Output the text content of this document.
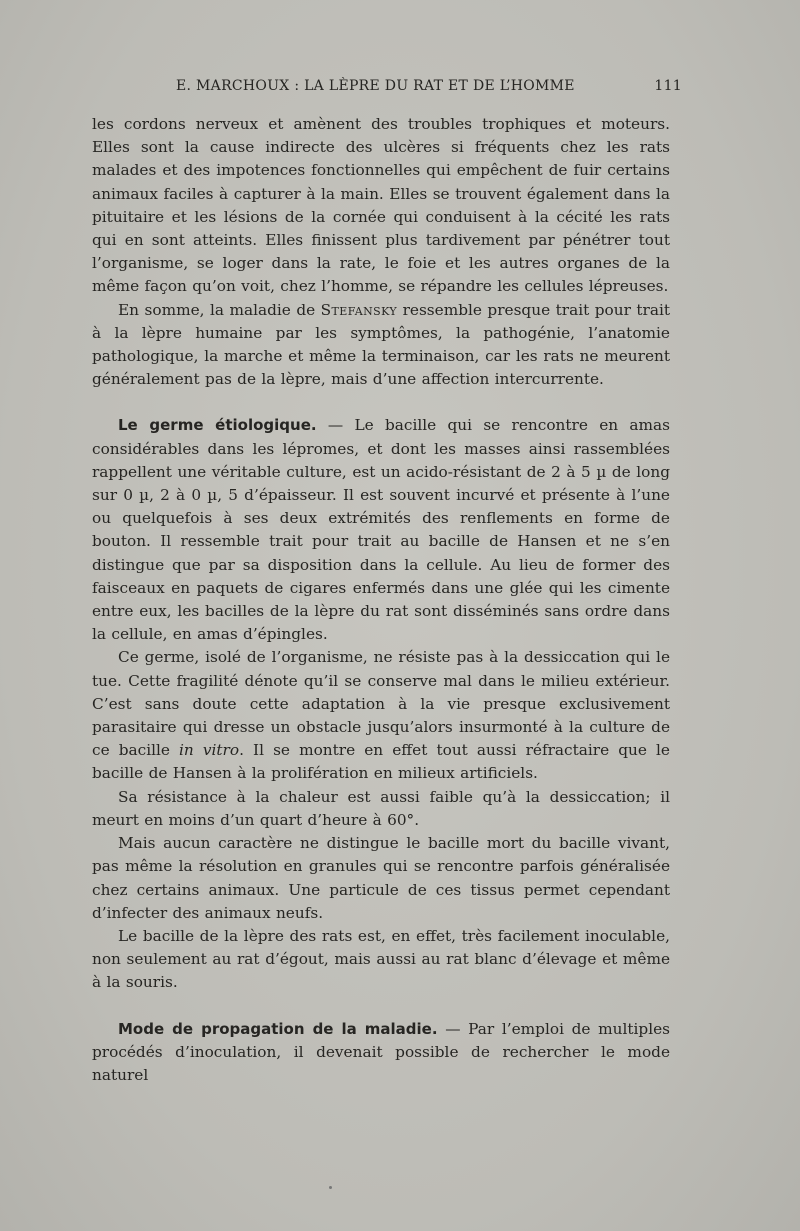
E. MARCHOUX : LA LÈPRE DU RAT ET DE L’HOMME	111

les cordons nerveux et amènent des troubles trophiques et moteurs. Elles sont la cause indirecte des ulcères si fréquents chez les rats malades et des impotences fonctionnelles qui empêchent de fuir certains animaux faciles à capturer à la main. Elles se trouvent également dans la pituitaire et les lésions de la cornée qui conduisent à la cécité les rats qui en sont atteints. Elles finissent plus tardivement par pénétrer tout l’organisme, se loger dans la rate, le foie et les autres organes de la même façon qu’on voit, chez l’homme, se répandre les cellules lépreuses.

En somme, la maladie de Stefansky ressemble presque trait pour trait à la lèpre humaine par les symptômes, la pathogénie, l’anatomie pathologique, la marche et même la terminaison, car les rats ne meurent généralement pas de la lèpre, mais d’une affection intercurrente.

Le germe étiologique. — Le bacille qui se rencontre en amas considérables dans les lépromes, et dont les masses ainsi rassemblées rappellent une véritable culture, est un acido-résistant de 2 à 5 µ de long sur 0 µ, 2 à 0 µ, 5 d’épaisseur. Il est souvent incurvé et présente à l’une ou quelquefois à ses deux extrémités des renflements en forme de bouton. Il ressemble trait pour trait au bacille de Hansen et ne s’en distingue que par sa disposition dans la cellule. Au lieu de former des faisceaux en paquets de cigares enfermés dans une glée qui les cimente entre eux, les bacilles de la lèpre du rat sont disséminés sans ordre dans la cellule, en amas d’épingles.

Ce germe, isolé de l’organisme, ne résiste pas à la dessiccation qui le tue. Cette fragilité dénote qu’il se conserve mal dans le milieu extérieur. C’est sans doute cette adaptation à la vie presque exclusivement parasitaire qui dresse un obstacle jusqu’alors insurmonté à la culture de ce bacille in vitro. Il se montre en effet tout aussi réfractaire que le bacille de Hansen à la prolifération en milieux artificiels.

Sa résistance à la chaleur est aussi faible qu’à la dessiccation; il meurt en moins d’un quart d’heure à 60°.

Mais aucun caractère ne distingue le bacille mort du bacille vivant, pas même la résolution en granules qui se rencontre parfois généralisée chez certains animaux. Une particule de ces tissus permet cependant d’infecter des animaux neufs.

Le bacille de la lèpre des rats est, en effet, très facilement inoculable, non seulement au rat d’égout, mais aussi au rat blanc d’élevage et même à la souris.

Mode de propagation de la maladie. — Par l’emploi de multiples procédés d’inoculation, il devenait possible de rechercher le mode naturel
